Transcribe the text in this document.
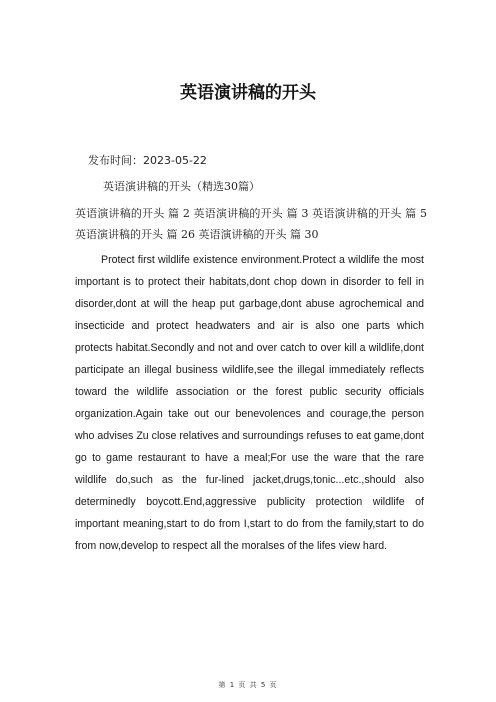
英语演讲稿的开头
发布时间：2023-05-22
英语演讲稿的开头（精选30篇）
英语演讲稿的开头 篇 2 英语演讲稿的开头 篇 3 英语演讲稿的开头 篇 5 英语演讲稿的开头 篇 26 英语演讲稿的开头 篇 30
Protect first wildlife existence environment.Protect a wildlife the most important is to protect their habitats,dont chop down in disorder to fell in disorder,dont at will the heap put garbage,dont abuse agrochemical and insecticide and protect headwaters and air is also one parts which protects habitat.Secondly and not and over catch to over kill a wildlife,dont participate an illegal business wildlife,see the illegal immediately reflects toward the wildlife association or the forest public security officials organization.Again take out our benevolences and courage,the person who advises Zu close relatives and surroundings refuses to eat game,dont go to game restaurant to have a meal;For use the ware that the rare wildlife do,such as the fur-lined jacket,drugs,tonic...etc.,should also determinedly boycott.End,aggressive publicity protection wildlife of important meaning,start to do from I,start to do from the family,start to do from now,develop to respect all the moralses of the lifes view hard.
第 1 页 共 5 页
